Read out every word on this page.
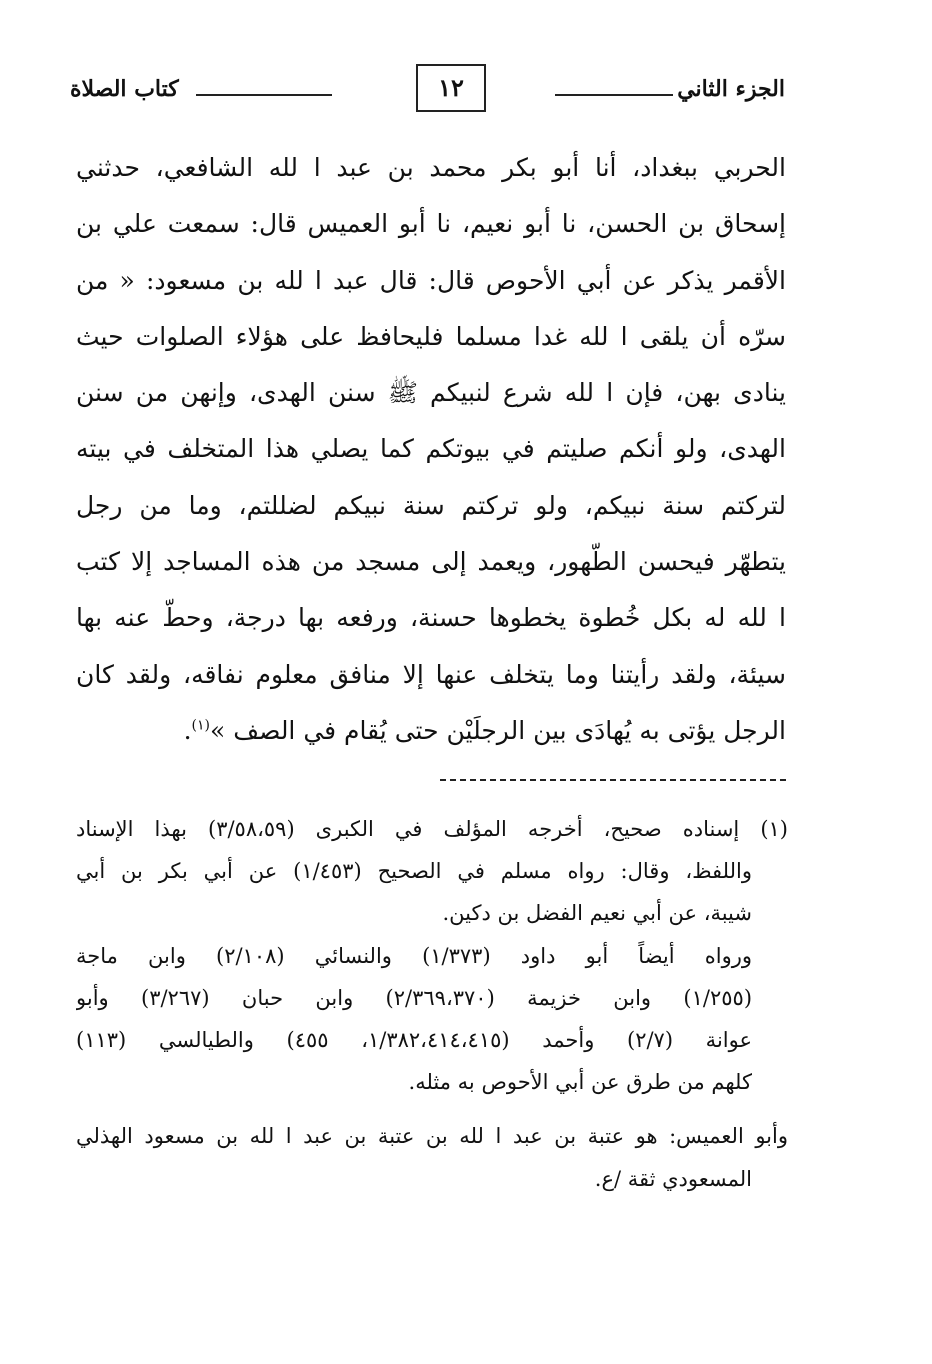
الجزء الثاني
١٢
كتاب الصلاة
الحربي ببغداد، أنا أبو بكر محمد بن عبد ا لله الشافعي، حدثني
إسحاق بن الحسن، نا أبو نعيم، نا أبو العميس قال: سمعت علي بن
الأقمر يذكر عن أبي الأحوص قال: قال عبد ا لله بن مسعود: « من
سرّه أن يلقى ا لله غدا مسلما فليحافظ على هؤلاء الصلوات حيث
ينادى بهن، فإن ا لله شرع لنبيكم ﷺ سنن الهدى، وإنهن من سنن
الهدى، ولو أنكم صليتم في بيوتكم كما يصلي هذا المتخلف في بيته
لتركتم سنة نبيكم، ولو تركتم سنة نبيكم لضللتم، وما من رجل
يتطهّر فيحسن الطّهور، ويعمد إلى مسجد من هذه المساجد إلا كتب
ا لله له بكل خُطوة يخطوها حسنة، ورفعه بها درجة، وحطّ عنه بها
سيئة، ولقد رأيتنا وما يتخلف عنها إلا منافق معلوم نفاقه، ولقد كان
الرجل يؤتى به يُهادَى بين الرجلَيْن حتى يُقام في الصف »$^{(١)}$.
(١) إسناده صحيح، أخرجه المؤلف في الكبرى (٣/٥٨،٥٩) بهذا الإسناد
واللفظ، وقال: رواه مسلم في الصحيح (١/٤٥٣) عن أبي بكر بن أبي
شيبة، عن أبي نعيم الفضل بن دكين.
ورواه أيضاً أبو داود (١/٣٧٣) والنسائي (٢/١٠٨) وابن ماجة
(١/٢٥٥) وابن خزيمة (٢/٣٦٩،٣٧٠) وابن حبان (٣/٢٦٧) وأبو
عوانة (٢/٧) وأحمد (١/٣٨٢،٤١٤،٤١٥، ٤٥٥) والطيالسي (١١٣)
كلهم من طرق عن أبي الأحوص به مثله.
وأبو العميس: هو عتبة بن عبد ا لله بن عتبة بن عبد ا لله بن مسعود الهذلي
المسعودي ثقة /ع.
